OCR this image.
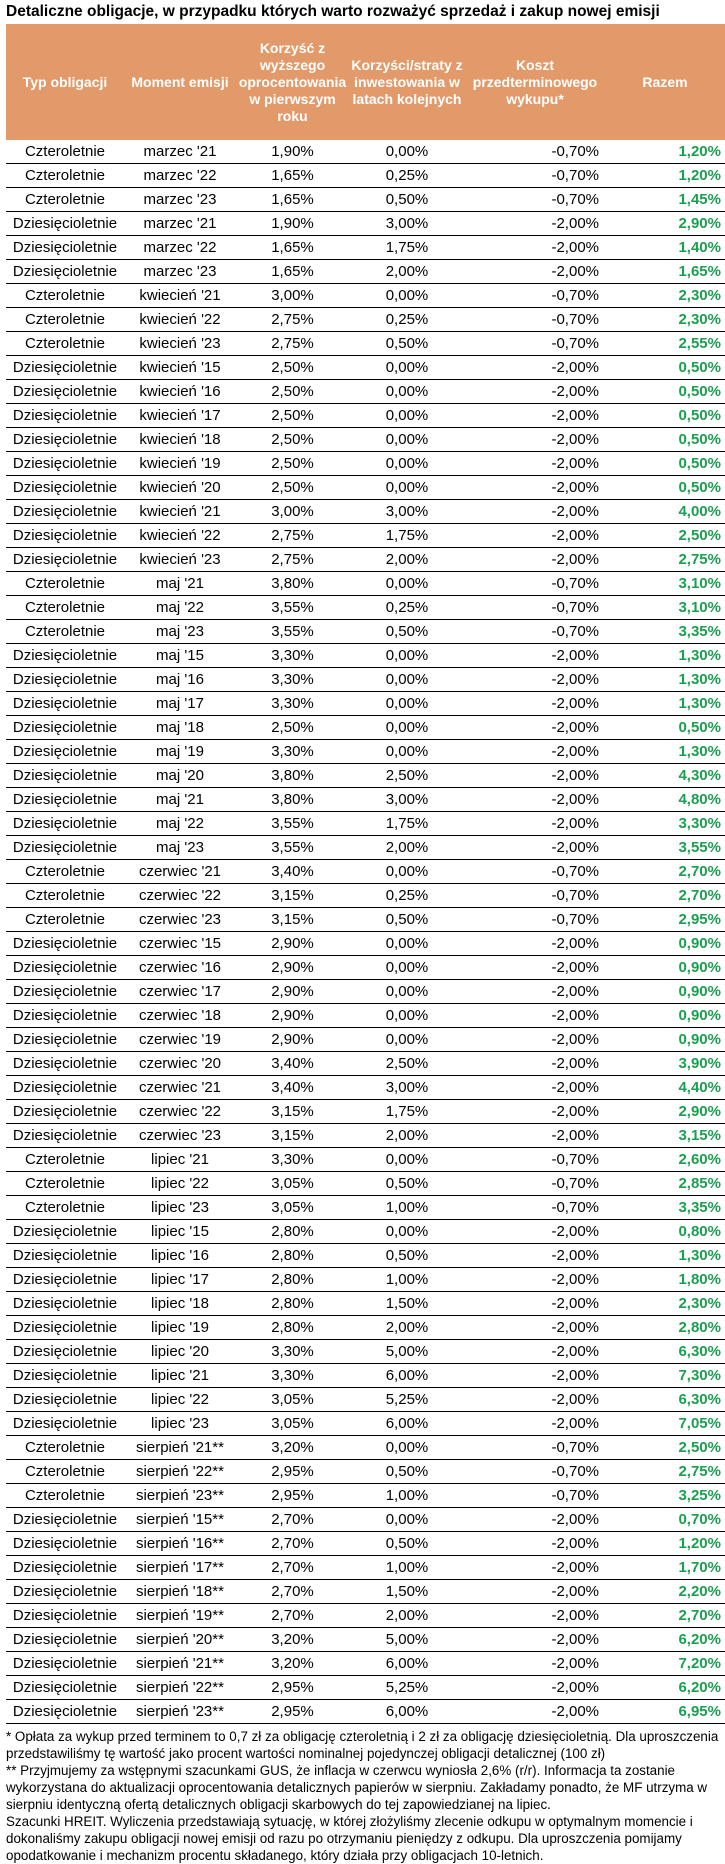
Detaliczne obligacje, w przypadku których warto rozważyć sprzedaż i zakup nowej emisji
Typ obligacji	Moment emisji	Korzyść z wyższego oprocentowania w pierwszym roku	Korzyści/straty z inwestowania w latach kolejnych	Koszt przedterminowego wykupu*	Razem
Czteroletnie	marzec '21	1,90%	0,00%	-0,70%	1,20%
Czteroletnie	marzec '22	1,65%	0,25%	-0,70%	1,20%
Czteroletnie	marzec '23	1,65%	0,50%	-0,70%	1,45%
Dziesięcioletnie	marzec '21	1,90%	3,00%	-2,00%	2,90%
Dziesięcioletnie	marzec '22	1,65%	1,75%	-2,00%	1,40%
Dziesięcioletnie	marzec '23	1,65%	2,00%	-2,00%	1,65%
Czteroletnie	kwiecień '21	3,00%	0,00%	-0,70%	2,30%
Czteroletnie	kwiecień '22	2,75%	0,25%	-0,70%	2,30%
Czteroletnie	kwiecień '23	2,75%	0,50%	-0,70%	2,55%
Dziesięcioletnie	kwiecień '15	2,50%	0,00%	-2,00%	0,50%
Dziesięcioletnie	kwiecień '16	2,50%	0,00%	-2,00%	0,50%
Dziesięcioletnie	kwiecień '17	2,50%	0,00%	-2,00%	0,50%
Dziesięcioletnie	kwiecień '18	2,50%	0,00%	-2,00%	0,50%
Dziesięcioletnie	kwiecień '19	2,50%	0,00%	-2,00%	0,50%
Dziesięcioletnie	kwiecień '20	2,50%	0,00%	-2,00%	0,50%
Dziesięcioletnie	kwiecień '21	3,00%	3,00%	-2,00%	4,00%
Dziesięcioletnie	kwiecień '22	2,75%	1,75%	-2,00%	2,50%
Dziesięcioletnie	kwiecień '23	2,75%	2,00%	-2,00%	2,75%
Czteroletnie	maj '21	3,80%	0,00%	-0,70%	3,10%
Czteroletnie	maj '22	3,55%	0,25%	-0,70%	3,10%
Czteroletnie	maj '23	3,55%	0,50%	-0,70%	3,35%
Dziesięcioletnie	maj '15	3,30%	0,00%	-2,00%	1,30%
Dziesięcioletnie	maj '16	3,30%	0,00%	-2,00%	1,30%
Dziesięcioletnie	maj '17	3,30%	0,00%	-2,00%	1,30%
Dziesięcioletnie	maj '18	2,50%	0,00%	-2,00%	0,50%
Dziesięcioletnie	maj '19	3,30%	0,00%	-2,00%	1,30%
Dziesięcioletnie	maj '20	3,80%	2,50%	-2,00%	4,30%
Dziesięcioletnie	maj '21	3,80%	3,00%	-2,00%	4,80%
Dziesięcioletnie	maj '22	3,55%	1,75%	-2,00%	3,30%
Dziesięcioletnie	maj '23	3,55%	2,00%	-2,00%	3,55%
Czteroletnie	czerwiec '21	3,40%	0,00%	-0,70%	2,70%
Czteroletnie	czerwiec '22	3,15%	0,25%	-0,70%	2,70%
Czteroletnie	czerwiec '23	3,15%	0,50%	-0,70%	2,95%
Dziesięcioletnie	czerwiec '15	2,90%	0,00%	-2,00%	0,90%
Dziesięcioletnie	czerwiec '16	2,90%	0,00%	-2,00%	0,90%
Dziesięcioletnie	czerwiec '17	2,90%	0,00%	-2,00%	0,90%
Dziesięcioletnie	czerwiec '18	2,90%	0,00%	-2,00%	0,90%
Dziesięcioletnie	czerwiec '19	2,90%	0,00%	-2,00%	0,90%
Dziesięcioletnie	czerwiec '20	3,40%	2,50%	-2,00%	3,90%
Dziesięcioletnie	czerwiec '21	3,40%	3,00%	-2,00%	4,40%
Dziesięcioletnie	czerwiec '22	3,15%	1,75%	-2,00%	2,90%
Dziesięcioletnie	czerwiec '23	3,15%	2,00%	-2,00%	3,15%
Czteroletnie	lipiec '21	3,30%	0,00%	-0,70%	2,60%
Czteroletnie	lipiec '22	3,05%	0,50%	-0,70%	2,85%
Czteroletnie	lipiec '23	3,05%	1,00%	-0,70%	3,35%
Dziesięcioletnie	lipiec '15	2,80%	0,00%	-2,00%	0,80%
Dziesięcioletnie	lipiec '16	2,80%	0,50%	-2,00%	1,30%
Dziesięcioletnie	lipiec '17	2,80%	1,00%	-2,00%	1,80%
Dziesięcioletnie	lipiec '18	2,80%	1,50%	-2,00%	2,30%
Dziesięcioletnie	lipiec '19	2,80%	2,00%	-2,00%	2,80%
Dziesięcioletnie	lipiec '20	3,30%	5,00%	-2,00%	6,30%
Dziesięcioletnie	lipiec '21	3,30%	6,00%	-2,00%	7,30%
Dziesięcioletnie	lipiec '22	3,05%	5,25%	-2,00%	6,30%
Dziesięcioletnie	lipiec '23	3,05%	6,00%	-2,00%	7,05%
Czteroletnie	sierpień '21**	3,20%	0,00%	-0,70%	2,50%
Czteroletnie	sierpień '22**	2,95%	0,50%	-0,70%	2,75%
Czteroletnie	sierpień '23**	2,95%	1,00%	-0,70%	3,25%
Dziesięcioletnie	sierpień '15**	2,70%	0,00%	-2,00%	0,70%
Dziesięcioletnie	sierpień '16**	2,70%	0,50%	-2,00%	1,20%
Dziesięcioletnie	sierpień '17**	2,70%	1,00%	-2,00%	1,70%
Dziesięcioletnie	sierpień '18**	2,70%	1,50%	-2,00%	2,20%
Dziesięcioletnie	sierpień '19**	2,70%	2,00%	-2,00%	2,70%
Dziesięcioletnie	sierpień '20**	3,20%	5,00%	-2,00%	6,20%
Dziesięcioletnie	sierpień '21**	3,20%	6,00%	-2,00%	7,20%
Dziesięcioletnie	sierpień '22**	2,95%	5,25%	-2,00%	6,20%
Dziesięcioletnie	sierpień '23**	2,95%	6,00%	-2,00%	6,95%

* Opłata za wykup przed terminem to 0,7 zł za obligację czteroletnią i 2 zł za obligację dziesięcioletnią. Dla uproszczenia przedstawiliśmy tę wartość jako procent wartości nominalnej pojedynczej obligacji detalicznej (100 zł)

** Przyjmujemy za wstępnymi szacunkami GUS, że inflacja w czerwcu wyniosła 2,6% (r/r). Informacja ta zostanie wykorzystana do aktualizacji oprocentowania detalicznych papierów w sierpniu. Zakładamy ponadto, że MF utrzyma w sierpniu identyczną ofertą detalicznych obligacji skarbowych do tej zapowiedzianej na lipiec.

Szacunki HREIT. Wyliczenia przedstawiają sytuację, w której złożyliśmy zlecenie odkupu w optymalnym momencie i dokonaliśmy zakupu obligacji nowej emisji od razu po otrzymaniu pieniędzy z odkupu. Dla uproszczenia pomijamy opodatkowanie i mechanizm procentu składanego, który działa przy obligacjach 10-letnich.
